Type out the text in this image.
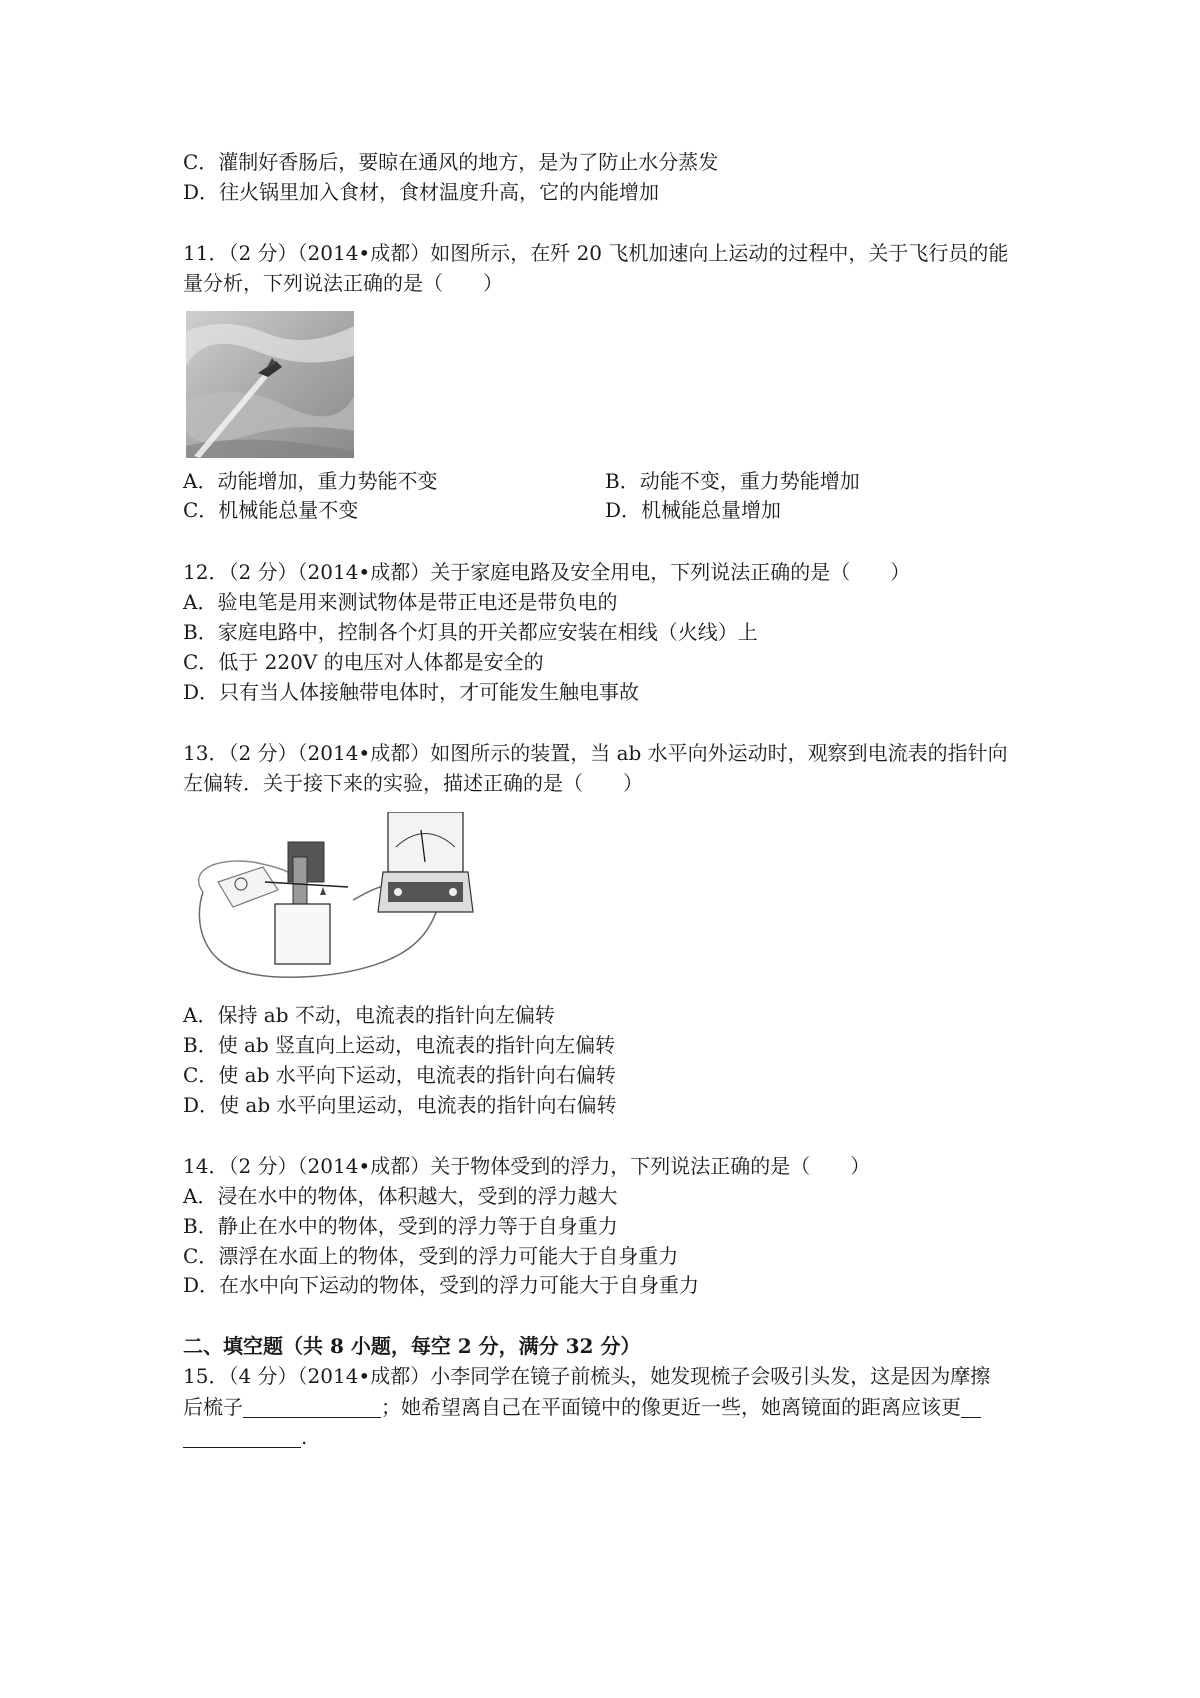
C．灌制好香肠后，要晾在通风的地方，是为了防止水分蒸发
D．往火锅里加入食材，食材温度升高，它的内能增加
11．（2 分）（2014•成都）如图所示，在歼 20 飞机加速向上运动的过程中，关于飞行员的能
量分析，下列说法正确的是（　　）
A．动能增加，重力势能不变	B．动能不变，重力势能增加
C．机械能总量不变	D．机械能总量增加
12．（2 分）（2014•成都）关于家庭电路及安全用电，下列说法正确的是（　　）
A．验电笔是用来测试物体是带正电还是带负电的
B．家庭电路中，控制各个灯具的开关都应安装在相线（火线）上
C．低于 220V 的电压对人体都是安全的
D．只有当人体接触带电体时，才可能发生触电事故
13．（2 分）（2014•成都）如图所示的装置，当 ab 水平向外运动时，观察到电流表的指针向
左偏转．关于接下来的实验，描述正确的是（　　）
A．保持 ab 不动，电流表的指针向左偏转
B．使 ab 竖直向上运动，电流表的指针向左偏转
C．使 ab 水平向下运动，电流表的指针向右偏转
D．使 ab 水平向里运动，电流表的指针向右偏转
14．（2 分）（2014•成都）关于物体受到的浮力，下列说法正确的是（　　）
A．浸在水中的物体，体积越大，受到的浮力越大
B．静止在水中的物体，受到的浮力等于自身重力
C．漂浮在水面上的物体，受到的浮力可能大于自身重力
D．在水中向下运动的物体，受到的浮力可能大于自身重力
二、填空题（共 8 小题，每空 2 分，满分 32 分）
15．（4 分）（2014•成都）小李同学在镜子前梳头，她发现梳子会吸引头发，这是因为摩擦
后梳子	；她希望离自己在平面镜中的像更近一些，她离镜面的距离应该更
.
